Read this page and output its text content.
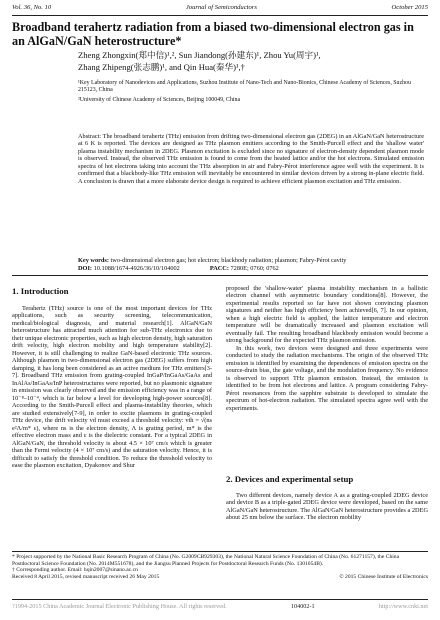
Vol. 36, No. 10	Journal of Semiconductors	October 2015
Broadband terahertz radiation from a biased two-dimensional electron gas in an AlGaN/GaN heterostructure*
Zheng Zhongxin(郑中信)¹,², Sun Jiandong(孙建东)¹, Zhou Yu(周宇)¹,
Zhang Zhipeng(张志鹏)¹, and Qin Hua(秦华)¹,†
¹Key Laboratory of Nanodevices and Applications, Suzhou Institute of Nano-Tech and Nano-Bionics, Chinese Academy of Sciences, Suzhou 215123, China
²University of Chinese Academy of Sciences, Beijing 100049, China
Abstract: The broadband terahertz (THz) emission from drifting two-dimensional electron gas (2DEG) in an AlGaN/GaN heterostructure at 6 K is reported. The devices are designed as THz plasmon emitters according to the Smith-Purcell effect and the 'shallow water' plasma instability mechanism in 2DEG. Plasmon excitation is excluded since no signature of electron-density dependent plasmon mode is observed. Instead, the observed THz emission is found to come from the heated lattice and/or the hot electrons. Simulated emission spectra of hot electrons taking into account the THz absorption in air and Fabry-Pérot interference agree well with the experiment. It is confirmed that a blackbody-like THz emission will inevitably be encountered in similar devices driven by a strong in-plane electric field. A conclusion is drawn that a more elaborate device design is required to achieve efficient plasmon excitation and THz emission.
Key words: two-dimensional electron gas; hot electron; blackbody radiation; plasmon; Fabry-Pérot cavity
DOI: 10.1088/1674-4926/36/10/104002	PACC: 7280E; 0760; 0762
1. Introduction

Terahertz (THz) source is one of the most important devices for THz applications, such as security screening, telecommunication, medical/biological diagnosis, and material research[1]. AlGaN/GaN heterostructure has attracted much attention for sub-THz electronics due to their unique electronic properties, such as high electron density, high saturation drift velocity, high electron mobility and high temperature stability[2]. However, it is still challenging to realize GaN-based electronic THz sources. Although plasmon in two-dimensional electron gas (2DEG) suffers from high damping, it has long been considered as an active medium for THz emitters[3-7]. Broadband THz emission from grating-coupled InGaP/InGaAs/GaAs and InAlAs/InGaAs/InP heterostructures were reported, but no plasmonic signature in emission was clearly observed and the emission efficiency was in a range of 10⁻⁸–10⁻⁴, which is far below a level for developing high-power sources[8]. According to the Smith-Purcell effect and plasma-instability theories, which are studied extensively[7-9], in order to excite plasmons in grating-coupled THz device, the drift velocity vd must exceed a threshold velocity: vth = √(ns e²Λ/m* ε), where ns is the electron density, Λ is grating period, m* is the effective electron mass and ε is the dielectric constant. For a typical 2DEG in AlGaN/GaN, the threshold velocity is about 4.5 × 10⁷ cm/s which is greater than the Fermi velocity (4 × 10⁷ cm/s) and the saturation velocity. Hence, it is difficult to satisfy the threshold condition. To reduce the threshold velocity to ease the plasmon excitation, Dyakonov and Shur

proposed the 'shallow-water' plasma instability mechanism in a ballistic electron channel with asymmetric boundary conditions[8]. However, the experimental results reported so far have not shown convincing plasmon signatures and neither has high efficiency been achieved[6, 7]. In our opinion, when a high electric field is applied, the lattice temperature and electron temperature will be dramatically increased and plasmon excitation will eventually fail. The resulting broadband blackbody emission would become a strong background for the expected THz plasmon emission.

In this work, two devices were designed and three experiments were conducted to study the radiation mechanisms. The origin of the observed THz emission is identified by examining the dependences of emission spectra on the source-drain bias, the gate voltage, and the modulation frequency. No evidence is observed to support THz plasmon emission. Instead, the emission is identified to be from hot electrons and lattice. A program considering Fabry-Pérot resonances from the sapphire substrate is developed to simulate the spectrum of hot-electron radiation. The simulated spectra agree well with the experiments.

2. Devices and experimental setup

Two different devices, namely device A as a grating-coupled 2DEG device and device B as a triple-gated 2DEG device were developed, based on the same AlGaN/GaN heterostructure. The AlGaN/GaN heterostructure provides a 2DEG about 25 nm below the surface. The electron mobility

* Project supported by the National Basic Research Program of China (No. G2009CB929303), the National Natural Science Foundation of China (No. 61271157), the China Postdoctoral Science Foundation (No. 2014M551678), and the Jiangsu Planned Projects for Postdoctoral Research Funds (No. 1301054B).
† Corresponding author. Email: hqin2007@sinano.ac.cn
Received 8 April 2015, revised manuscript received 26 May 2015	© 2015 Chinese Institute of Electronics
?1994-2015 China Academic Journal Electronic Publishing House. All rights reserved.	104002-1	http://www.cnki.net
